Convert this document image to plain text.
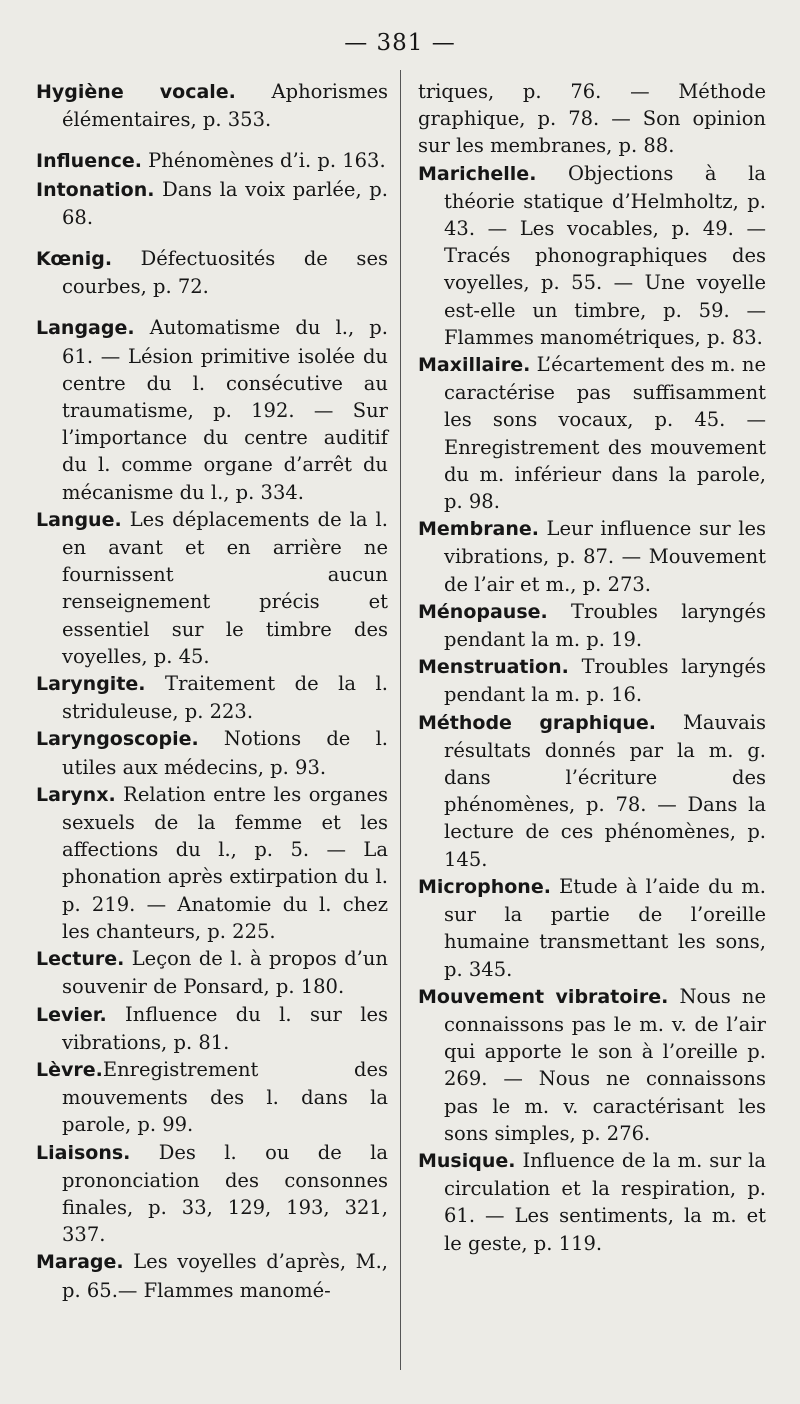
— 381 —

Hygiène vocale. Aphorismes élémentaires, p. 353.

Influence. Phénomènes d’i. p. 163.

Intonation. Dans la voix parlée, p. 68.

Kœnig. Défectuosités de ses courbes, p. 72.

Langage. Automatisme du l., p. 61. — Lésion primitive isolée du centre du l. consécutive au traumatisme, p. 192. — Sur l’importance du centre auditif du l. comme organe d’arrêt du mécanisme du l., p. 334.

Langue. Les déplacements de la l. en avant et en arrière ne fournissent aucun renseignement précis et essentiel sur le timbre des voyelles, p. 45.

Laryngite. Traitement de la l. striduleuse, p. 223.

Laryngoscopie. Notions de l. utiles aux médecins, p. 93.

Larynx. Relation entre les organes sexuels de la femme et les affections du l., p. 5. — La phonation après extirpation du l. p. 219. — Anatomie du l. chez les chanteurs, p. 225.

Lecture. Leçon de l. à propos d’un souvenir de Ponsard, p. 180.

Levier. Influence du l. sur les vibrations, p. 81.

Lèvre.Enregistrement des mouvements des l. dans la parole, p. 99.

Liaisons. Des l. ou de la prononciation des consonnes finales, p. 33, 129, 193, 321, 337.

Marage. Les voyelles d’après, M., p. 65.— Flammes manomé-

triques, p. 76. — Méthode graphique, p. 78. — Son opinion sur les membranes, p. 88.

Marichelle. Objections à la théorie statique d’Helmholtz, p. 43. — Les vocables, p. 49. — Tracés phonographiques des voyelles, p. 55. — Une voyelle est-elle un timbre, p. 59. — Flammes manométriques, p. 83.

Maxillaire. L’écartement des m. ne caractérise pas suffisamment les sons vocaux, p. 45. — Enregistrement des mouvement du m. inférieur dans la parole, p. 98.

Membrane. Leur influence sur les vibrations, p. 87. — Mouvement de l’air et m., p. 273.

Ménopause. Troubles laryngés pendant la m. p. 19.

Menstruation. Troubles laryngés pendant la m. p. 16.

Méthode graphique. Mauvais résultats donnés par la m. g. dans l’écriture des phénomènes, p. 78. — Dans la lecture de ces phénomènes, p. 145.

Microphone. Etude à l’aide du m. sur la partie de l’oreille humaine transmettant les sons, p. 345.

Mouvement vibratoire. Nous ne connaissons pas le m. v. de l’air qui apporte le son à l’oreille p. 269. — Nous ne connaissons pas le m. v. caractérisant les sons simples, p. 276.

Musique. Influence de la m. sur la circulation et la respiration, p. 61. — Les sentiments, la m. et le geste, p. 119.
